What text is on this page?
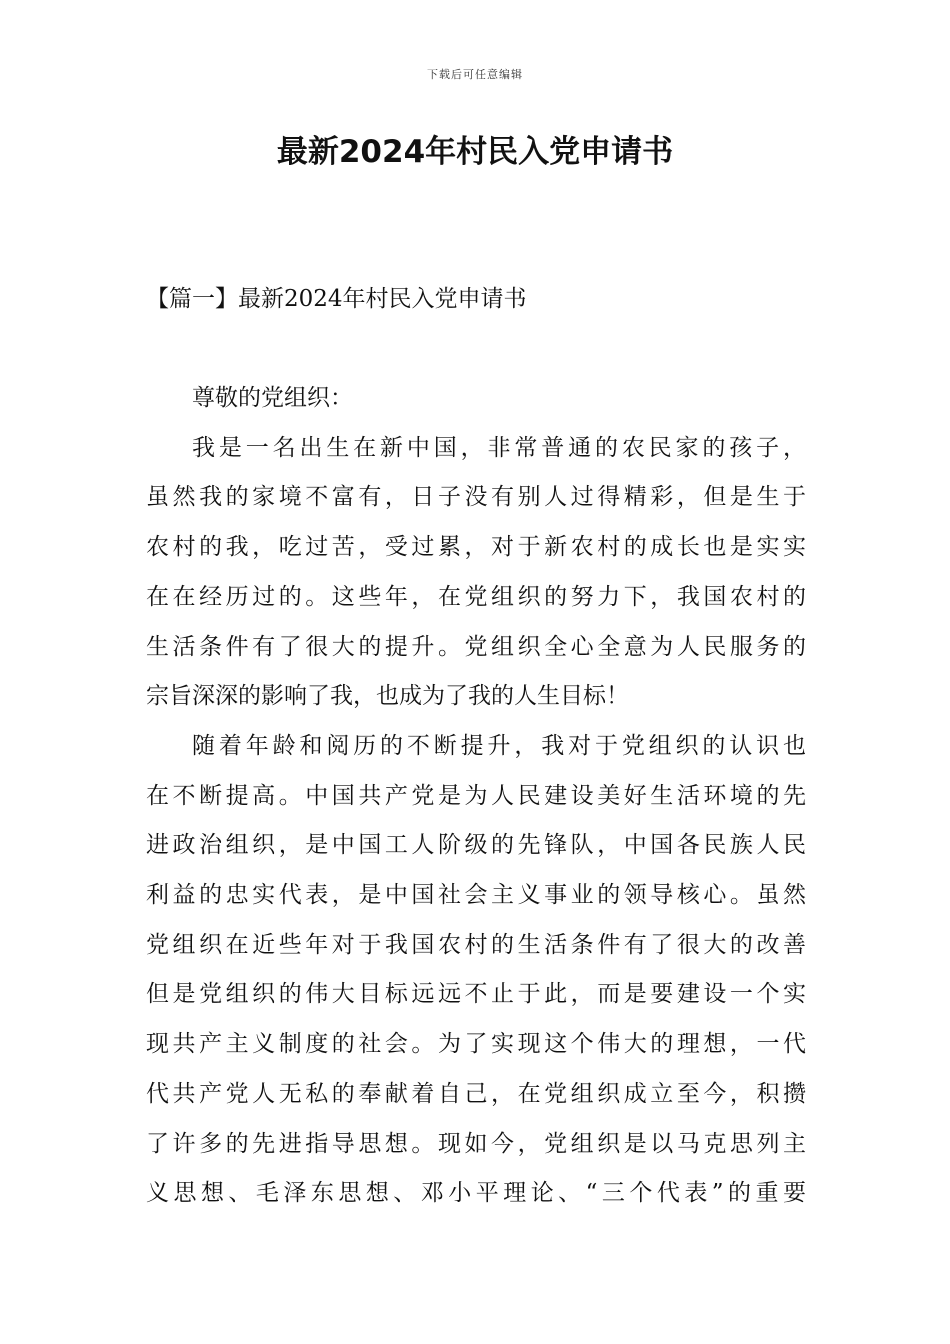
下载后可任意编辑
最新2024年村民入党申请书
【篇一】最新2024年村民入党申请书
尊敬的党组织：
我是一名出生在新中国，非常普通的农民家的孩子，
虽然我的家境不富有，日子没有别人过得精彩，但是生于
农村的我，吃过苦，受过累，对于新农村的成长也是实实
在在经历过的。这些年，在党组织的努力下，我国农村的
生活条件有了很大的提升。党组织全心全意为人民服务的
宗旨深深的影响了我，也成为了我的人生目标！
随着年龄和阅历的不断提升，我对于党组织的认识也
在不断提高。中国共产党是为人民建设美好生活环境的先
进政治组织，是中国工人阶级的先锋队，中国各民族人民
利益的忠实代表，是中国社会主义事业的领导核心。虽然
党组织在近些年对于我国农村的生活条件有了很大的改善
但是党组织的伟大目标远远不止于此，而是要建设一个实
现共产主义制度的社会。为了实现这个伟大的理想，一代
代共产党人无私的奉献着自己，在党组织成立至今，积攒
了许多的先进指导思想。现如今，党组织是以马克思列主
义思想、毛泽东思想、邓小平理论、“三个代表”的重要
